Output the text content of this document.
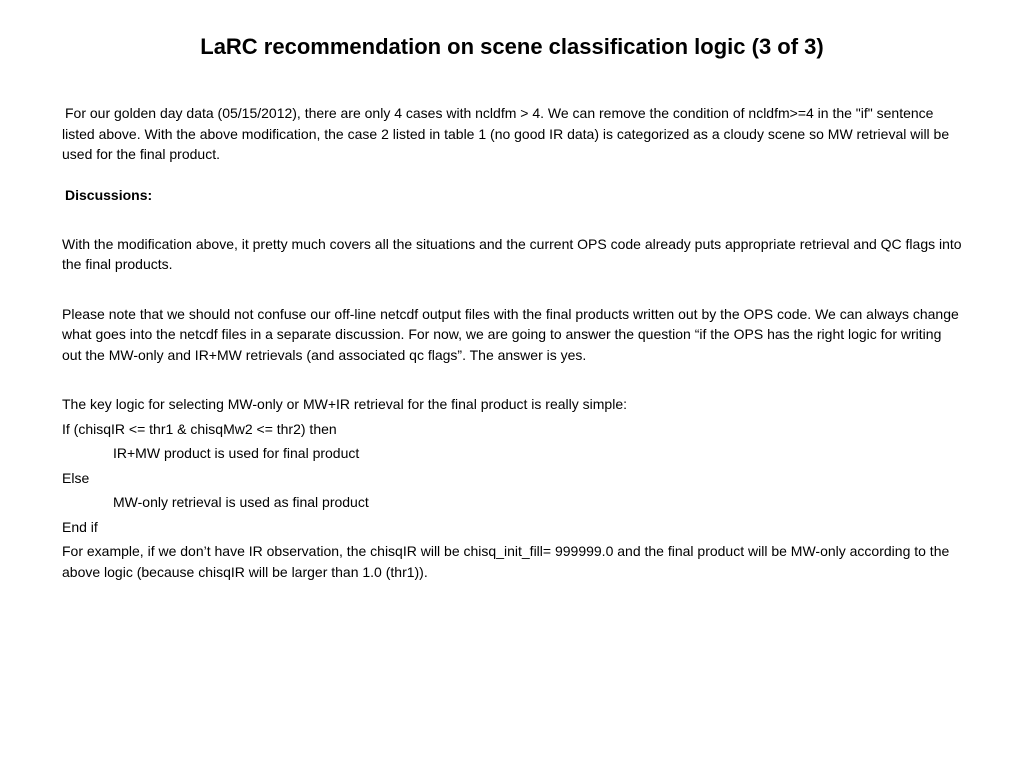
LaRC recommendation on scene classification logic (3 of 3)

For our golden day data (05/15/2012), there are only 4 cases with ncldfm > 4. We can remove the condition of ncldfm>=4 in the "if" sentence listed above. With the above modification, the case 2 listed in table 1 (no good IR data) is categorized as a cloudy scene so MW retrieval will be used for the final product.

Discussions:

With the modification above, it pretty much covers all the situations and the current OPS code already puts appropriate retrieval and QC flags into the final products.

Please note that we should not confuse our off-line netcdf output files with the final products written out by the OPS code. We can always change what goes into the netcdf files in a separate discussion. For now, we are going to answer the question “if the OPS has the right logic for writing out the MW-only and IR+MW retrievals (and associated qc flags”. The answer is yes.

The key logic for selecting MW-only or MW+IR retrieval for the final product is really simple:

If (chisqIR <= thr1 & chisqMw2 <= thr2) then

IR+MW product is used for final product

Else

MW-only retrieval is used as final product

End if

For example, if we don’t have IR observation, the chisqIR will be chisq_init_fill= 999999.0 and the final product will be MW-only according to the above logic (because chisqIR will be larger than 1.0 (thr1)).
